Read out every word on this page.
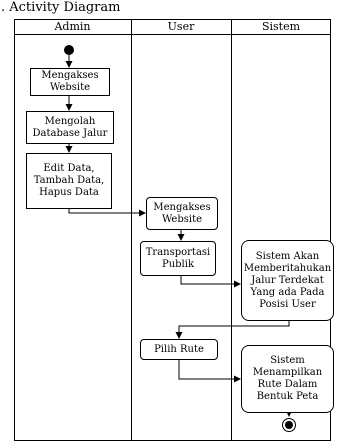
. Activity Diagram
Admin	User	Sistem
Mengakses
Website
Mengolah
Database Jalur
Edit Data,
Tambah Data,
Hapus Data
Mengakses
Website
Transportasi
Publik
Sistem Akan
Memberitahukan
Jalur Terdekat
Yang ada Pada
Posisi User
Pilih Rute
Sistem
Menampilkan
Rute Dalam
Bentuk Peta
